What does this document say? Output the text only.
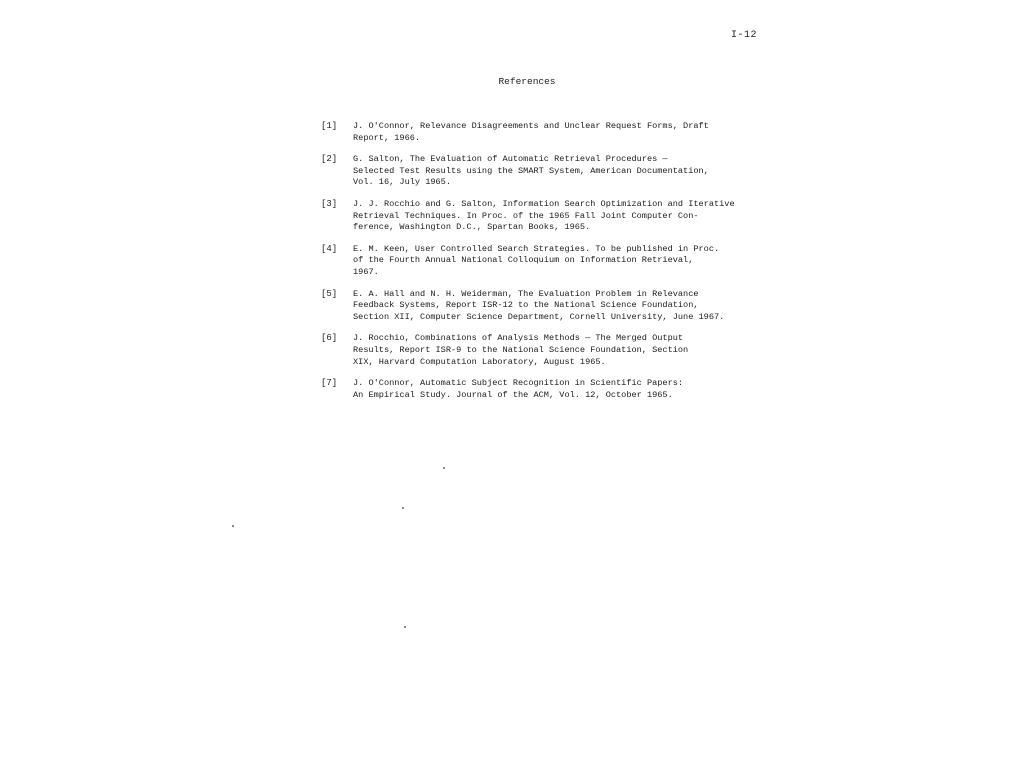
I-12
References
[1] J. O'Connor, Relevance Disagreements and Unclear Request Forms, Draft
Report, 1966.
[2] G. Salton, The Evaluation of Automatic Retrieval Procedures —
Selected Test Results using the SMART System, American Documentation,
Vol. 16, July 1965.
[3] J. J. Rocchio and G. Salton, Information Search Optimization and Iterative
Retrieval Techniques. In Proc. of the 1965 Fall Joint Computer Con-
ference, Washington D.C., Spartan Books, 1965.
[4] E. M. Keen, User Controlled Search Strategies. To be published in Proc.
of the Fourth Annual National Colloquium on Information Retrieval,
1967.
[5] E. A. Hall and N. H. Weiderman, The Evaluation Problem in Relevance
Feedback Systems, Report ISR-12 to the National Science Foundation,
Section XII, Computer Science Department, Cornell University, June 1967.
[6] J. Rocchio, Combinations of Analysis Methods — The Merged Output
Results, Report ISR-9 to the National Science Foundation, Section
XIX, Harvard Computation Laboratory, August 1965.
[7] J. O'Connor, Automatic Subject Recognition in Scientific Papers:
An Empirical Study. Journal of the ACM, Vol. 12, October 1965.
